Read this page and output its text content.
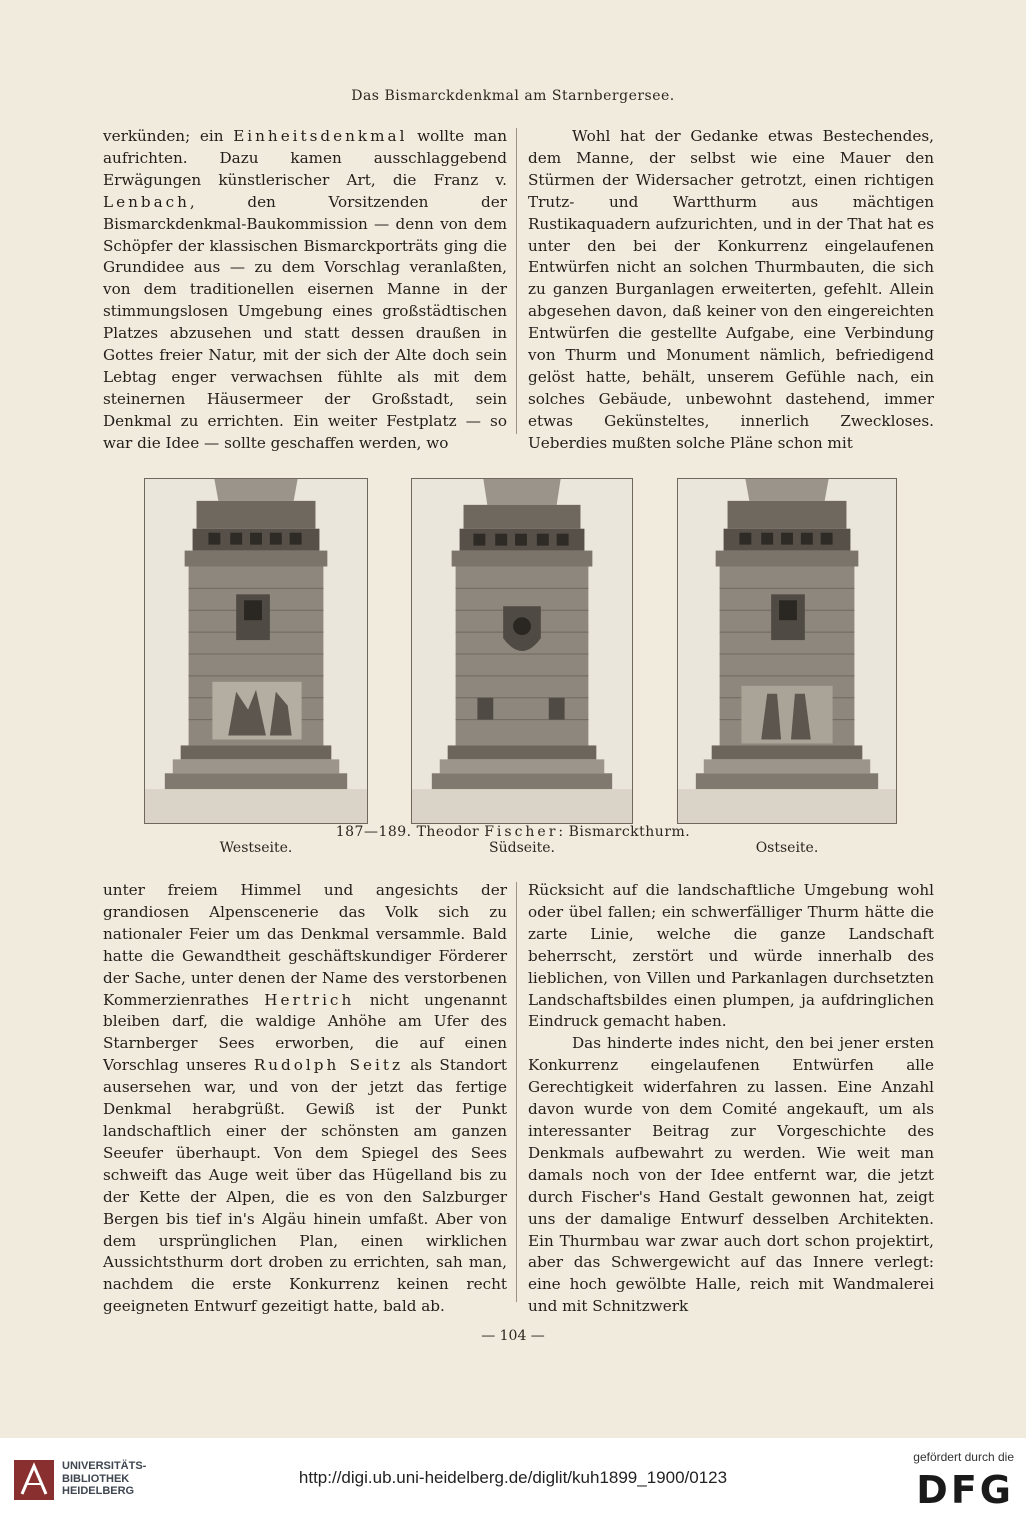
Das Bismarckdenkmal am Starnbergersee.

verkünden; ein Einheitsdenkmal wollte man aufrichten. Dazu kamen ausschlaggebend Erwägungen künstlerischer Art, die Franz v. Lenbach, den Vorsitzenden der Bismarckdenkmal-Baukommission — denn von dem Schöpfer der klassischen Bismarckporträts ging die Grundidee aus — zu dem Vorschlag veranlaßten, von dem traditionellen eisernen Manne in der stimmungslosen Umgebung eines großstädtischen Platzes abzusehen und statt dessen draußen in Gottes freier Natur, mit der sich der Alte doch sein Lebtag enger verwachsen fühlte als mit dem steinernen Häusermeer der Großstadt, sein Denkmal zu errichten. Ein weiter Festplatz — so war die Idee — sollte geschaffen werden, wo

Wohl hat der Gedanke etwas Bestechendes, dem Manne, der selbst wie eine Mauer den Stürmen der Widersacher getrotzt, einen richtigen Trutz- und Wartthurm aus mächtigen Rustikaquadern aufzurichten, und in der That hat es unter den bei der Konkurrenz eingelaufenen Entwürfen nicht an solchen Thurmbauten, die sich zu ganzen Burganlagen erweiterten, gefehlt. Allein abgesehen davon, daß keiner von den eingereichten Entwürfen die gestellte Aufgabe, eine Verbindung von Thurm und Monument nämlich, befriedigend gelöst hatte, behält, unserem Gefühle nach, ein solches Gebäude, unbewohnt dastehend, immer etwas Gekünsteltes, innerlich Zweckloses. Ueberdies mußten solche Pläne schon mit

187—189. Theodor Fischer: Bismarckthurm.
Westseite.	Südseite.	Ostseite.

unter freiem Himmel und angesichts der grandiosen Alpenscenerie das Volk sich zu nationaler Feier um das Denkmal versammle. Bald hatte die Gewandtheit geschäftskundiger Förderer der Sache, unter denen der Name des verstorbenen Kommerzienrathes Hertrich nicht ungenannt bleiben darf, die waldige Anhöhe am Ufer des Starnberger Sees erworben, die auf einen Vorschlag unseres Rudolph Seitz als Standort ausersehen war, und von der jetzt das fertige Denkmal herabgrüßt. Gewiß ist der Punkt landschaftlich einer der schönsten am ganzen Seeufer überhaupt. Von dem Spiegel des Sees schweift das Auge weit über das Hügelland bis zu der Kette der Alpen, die es von den Salzburger Bergen bis tief in's Algäu hinein umfaßt. Aber von dem ursprünglichen Plan, einen wirklichen Aussichtsthurm dort droben zu errichten, sah man, nachdem die erste Konkurrenz keinen recht geeigneten Entwurf gezeitigt hatte, bald ab.

Rücksicht auf die landschaftliche Umgebung wohl oder übel fallen; ein schwerfälliger Thurm hätte die zarte Linie, welche die ganze Landschaft beherrscht, zerstört und würde innerhalb des lieblichen, von Villen und Parkanlagen durchsetzten Landschaftsbildes einen plumpen, ja aufdringlichen Eindruck gemacht haben.

Das hinderte indes nicht, den bei jener ersten Konkurrenz eingelaufenen Entwürfen alle Gerechtigkeit widerfahren zu lassen. Eine Anzahl davon wurde von dem Comité angekauft, um als interessanter Beitrag zur Vorgeschichte des Denkmals aufbewahrt zu werden. Wie weit man damals noch von der Idee entfernt war, die jetzt durch Fischer's Hand Gestalt gewonnen hat, zeigt uns der damalige Entwurf desselben Architekten. Ein Thurmbau war zwar auch dort schon projektirt, aber das Schwergewicht auf das Innere verlegt: eine hoch gewölbte Halle, reich mit Wandmalerei und mit Schnitzwerk

— 104 —
UNIVERSITÄTS-
BIBLIOTHEK
HEIDELBERG
http://digi.ub.uni-heidelberg.de/diglit/kuh1899_1900/0123
gefördert durch die
DFG
